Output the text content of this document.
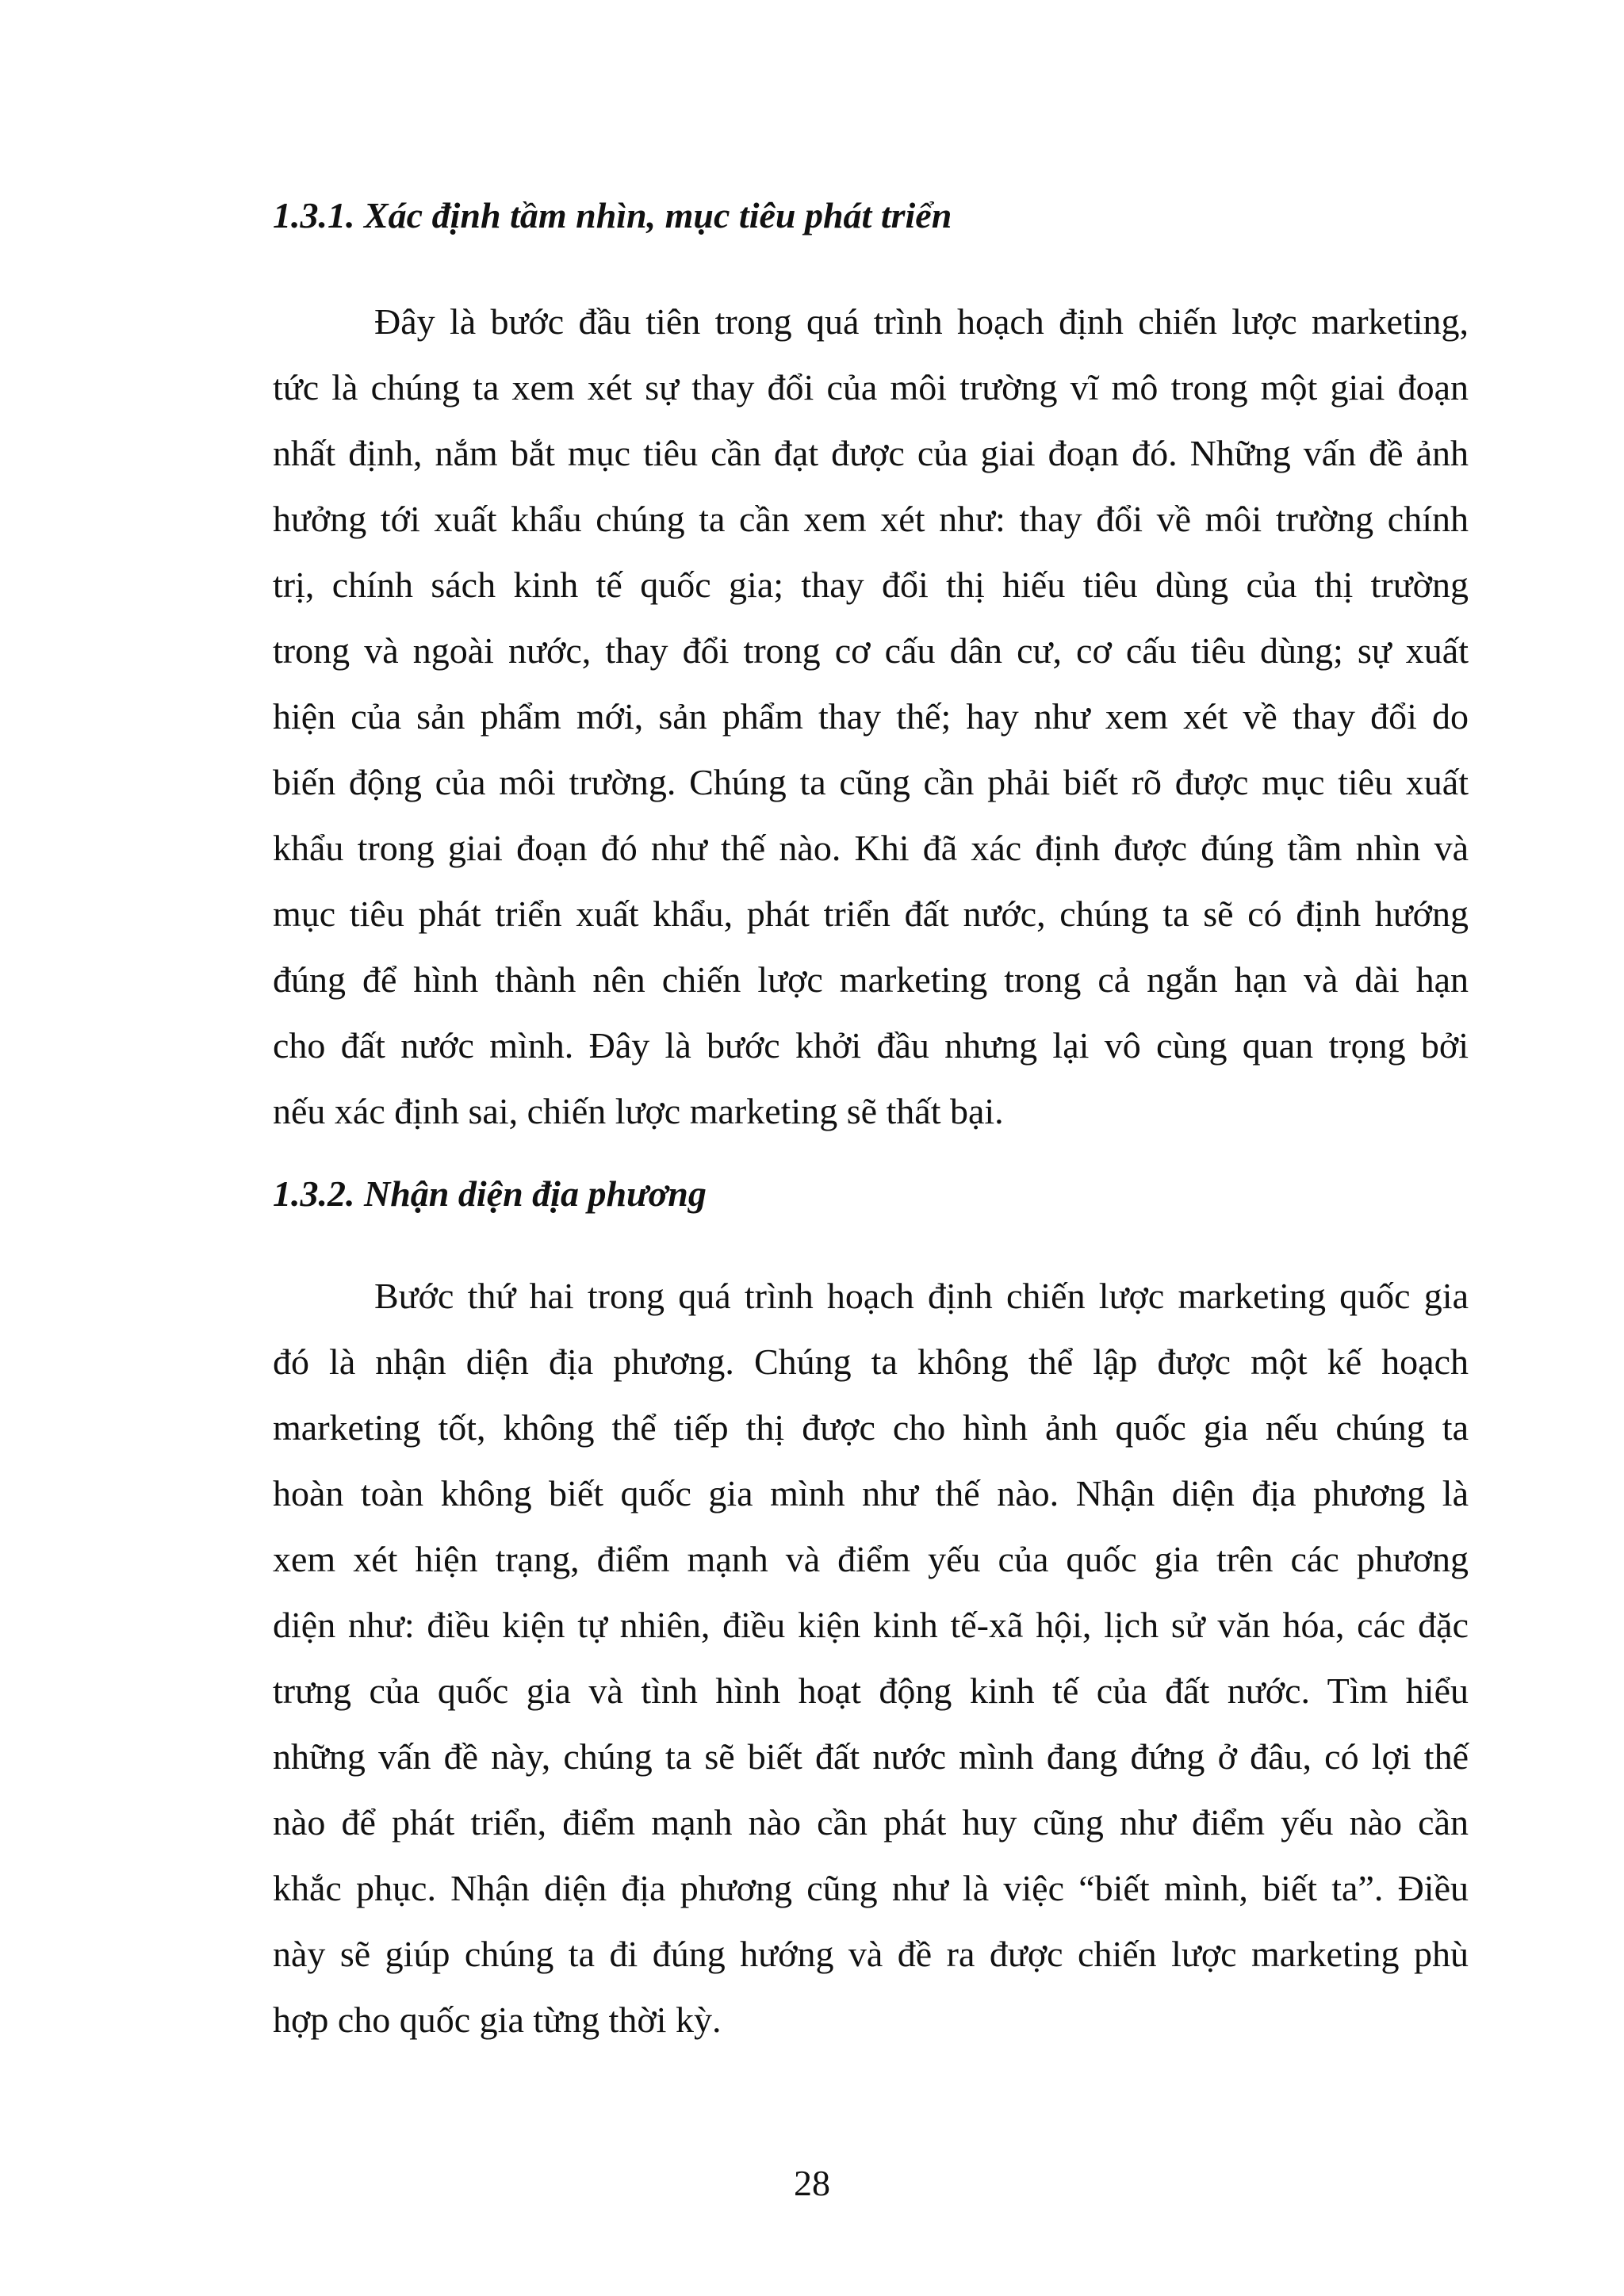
1.3.1. Xác định tầm nhìn, mục tiêu phát triển

Đây là bước đầu tiên trong quá trình hoạch định chiến lược marketing,

tức là chúng ta xem xét sự thay đổi của môi trường vĩ mô trong một giai đoạn

nhất định, nắm bắt mục tiêu cần đạt được của giai đoạn đó. Những vấn đề ảnh

hưởng tới xuất khẩu chúng ta cần xem xét như: thay đổi về môi trường chính

trị, chính sách kinh tế quốc gia; thay đổi thị hiếu tiêu dùng của thị trường

trong và ngoài nước, thay đổi trong cơ cấu dân cư, cơ cấu tiêu dùng; sự xuất

hiện của sản phẩm mới, sản phẩm thay thế; hay như xem xét về thay đổi do

biến động của môi trường. Chúng ta cũng cần phải biết rõ được mục tiêu xuất

khẩu trong giai đoạn đó như thế nào. Khi đã xác định được đúng tầm nhìn và

mục tiêu phát triển xuất khẩu, phát triển đất nước, chúng ta sẽ có định hướng

đúng để hình thành nên chiến lược marketing trong cả ngắn hạn và dài hạn

cho đất nước mình. Đây là bước khởi đầu nhưng lại vô cùng quan trọng bởi

nếu xác định sai, chiến lược marketing sẽ thất bại.

1.3.2. Nhận diện địa phương

Bước thứ hai trong quá trình hoạch định chiến lược marketing quốc gia

đó là nhận diện địa phương. Chúng ta không thể lập được một kế hoạch

marketing tốt, không thể tiếp thị được cho hình ảnh quốc gia nếu chúng ta

hoàn toàn không biết quốc gia mình như thế nào. Nhận diện địa phương là

xem xét hiện trạng, điểm mạnh và điểm yếu của quốc gia trên các phương

diện như: điều kiện tự nhiên, điều kiện kinh tế-xã hội, lịch sử văn hóa, các đặc

trưng của quốc gia và tình hình hoạt động kinh tế của đất nước. Tìm hiểu

những vấn đề này, chúng ta sẽ biết đất nước mình đang đứng ở đâu, có lợi thế

nào để phát triển, điểm mạnh nào cần phát huy cũng như điểm yếu nào cần

khắc phục. Nhận diện địa phương cũng như là việc “biết mình, biết ta”. Điều

này sẽ giúp chúng ta đi đúng hướng và đề ra được chiến lược marketing phù

hợp cho quốc gia từng thời kỳ.

28
